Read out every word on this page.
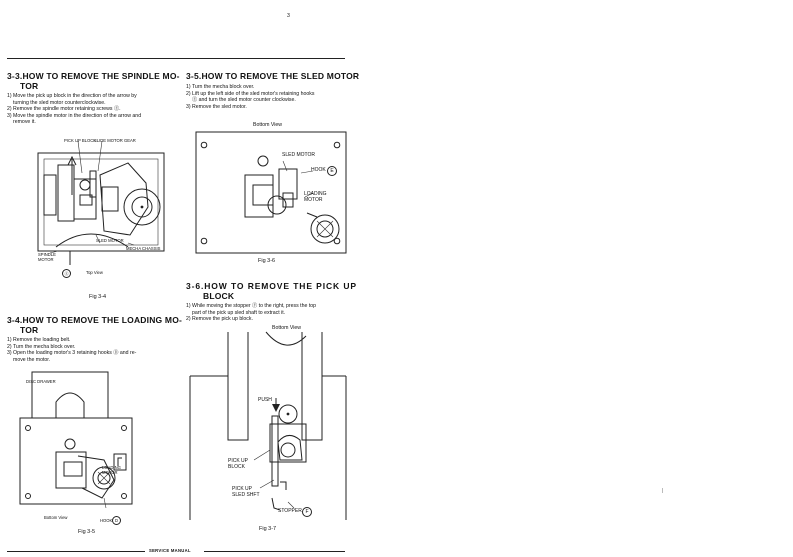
3
3-3.HOW TO REMOVE THE SPINDLE MO-
TOR
1) Move the pick up block in the direction of the arrow by
turning the sled motor counterclockwise.
2) Remove the spindle motor retaining screws Ⓔ.
3) Move the spindle motor in the direction of the arrow and
remove it.
PICK UP BLOCK
SLIDE MOTOR GEAR
SLED MOTOR
MECHA CHASSIS
SPINDLE
MOTOR
Top View
Ⓔ
Fig 3-4
3-4.HOW TO REMOVE THE LOADING MO-
TOR
1) Remove the loading belt.
2) Turn the mecha block over.
3) Open the loading motor's 3 retaining hooks Ⓓ and re-
move the motor.
DISC DRAWER
LOADING
MOTOR
Bottom View
HOOK D
Fig 3-5
3-5.HOW TO REMOVE THE SLED MOTOR
1) Turn the mecha block over.
2) Lift up the left side of the sled motor's retaining hooks
Ⓔ and turn the sled motor counter clockwise.
3) Remove the sled motor.
Bottom View
SLED MOTOR
HOOK E
LOADING
MOTOR
Fig 3-6
3-6.HOW TO REMOVE THE PICK UP
BLOCK
1) While moving the stopper Ⓕ to the right, press the top
part of the pick up sled shaft to extract it.
2) Remove the pick up block.
Bottom View
PUSH
PICK UP
BLOCK
PICK UP
SLED SHFT
STOPPER F
Fig 3-7
SERVICE MANUAL
